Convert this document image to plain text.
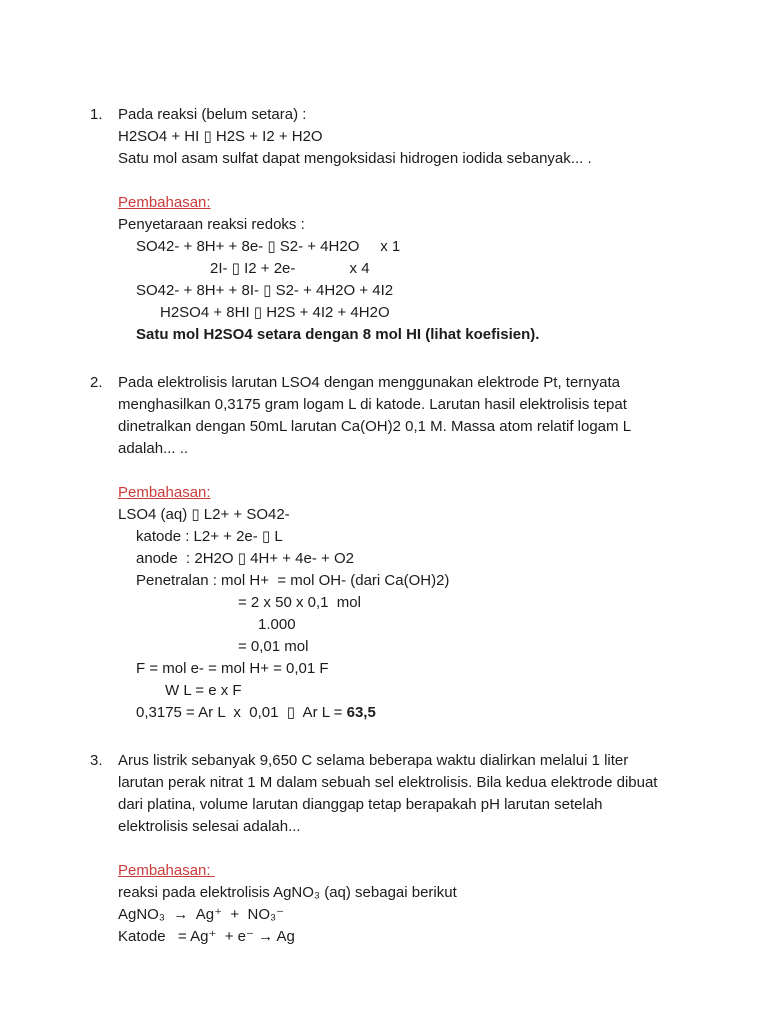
1.	Pada reaksi (belum setara) :
H2SO4 + HI ▯ H2S + I2 + H2O
Satu mol asam sulfat dapat mengoksidasi hidrogen iodida sebanyak... .
Pembahasan:
Penyetaraan reaksi redoks :
SO42- + 8H+ + 8e- ▯ S2- + 4H2O     x 1
2I- ▯ I2 + 2e-             x 4
SO42- + 8H+ + 8I- ▯ S2- + 4H2O + 4I2
H2SO4 + 8HI ▯ H2S + 4I2 + 4H2O
Satu mol H2SO4 setara dengan 8 mol HI (lihat koefisien).
2.	Pada elektrolisis larutan LSO4 dengan menggunakan elektrode Pt, ternyata
menghasilkan 0,3175 gram logam L di katode. Larutan hasil elektrolisis tepat
dinetralkan dengan 50mL larutan Ca(OH)2 0,1 M. Massa atom relatif logam L
adalah... ..
Pembahasan:
LSO4 (aq) ▯ L2+ + SO42-
katode : L2+ + 2e- ▯ L
anode  : 2H2O ▯ 4H+ + 4e- + O2
Penetralan : mol H+  = mol OH- (dari Ca(OH)2)
= 2 x 50 x 0,1  mol
1.000
= 0,01 mol
F = mol e- = mol H+ = 0,01 F
W L = e x F
0,3175 = Ar L  x  0,01  ▯  Ar L = 63,5
3.	Arus listrik sebanyak 9,650 C selama beberapa waktu dialirkan melalui 1 liter
larutan perak nitrat 1 M dalam sebuah sel elektrolisis. Bila kedua elektrode dibuat
dari platina, volume larutan dianggap tetap berapakah pH larutan setelah
elektrolisis selesai adalah...
Pembahasan:
reaksi pada elektrolisis AgNO₃ (aq) sebagai berikut
AgNO₃  →  Ag⁺  +  NO₃⁻
Katode   = Ag⁺  + e⁻ → Ag
